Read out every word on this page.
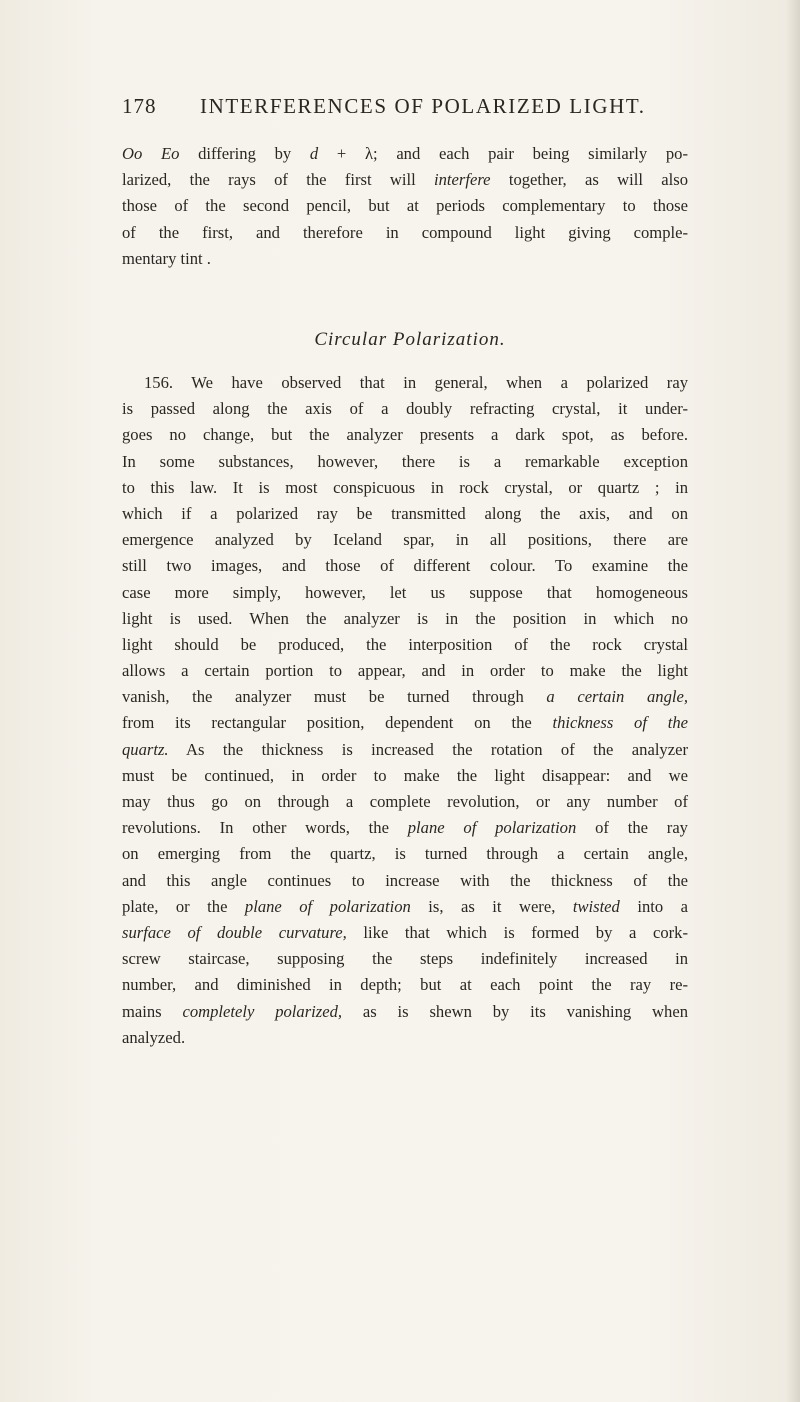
178 INTERFERENCES OF POLARIZED LIGHT.
Oo Eo differing by d + λ; and each pair being similarly po-
larized, the rays of the first will interfere together, as will also
those of the second pencil, but at periods complementary to those
of the first, and therefore in compound light giving comple-
mentary tint .
Circular Polarization.
156. We have observed that in general, when a polarized ray
is passed along the axis of a doubly refracting crystal, it under-
goes no change, but the analyzer presents a dark spot, as before.
In some substances, however, there is a remarkable exception
to this law. It is most conspicuous in rock crystal, or quartz ; in
which if a polarized ray be transmitted along the axis, and on
emergence analyzed by Iceland spar, in all positions, there are
still two images, and those of different colour. To examine the
case more simply, however, let us suppose that homogeneous
light is used. When the analyzer is in the position in which no
light should be produced, the interposition of the rock crystal
allows a certain portion to appear, and in order to make the light
vanish, the analyzer must be turned through a certain angle,
from its rectangular position, dependent on the thickness of the
quartz. As the thickness is increased the rotation of the analyzer
must be continued, in order to make the light disappear: and we
may thus go on through a complete revolution, or any number of
revolutions. In other words, the plane of polarization of the ray
on emerging from the quartz, is turned through a certain angle,
and this angle continues to increase with the thickness of the
plate, or the plane of polarization is, as it were, twisted into a
surface of double curvature, like that which is formed by a cork-
screw staircase, supposing the steps indefinitely increased in
number, and diminished in depth; but at each point the ray re-
mains completely polarized, as is shewn by its vanishing when
analyzed.
